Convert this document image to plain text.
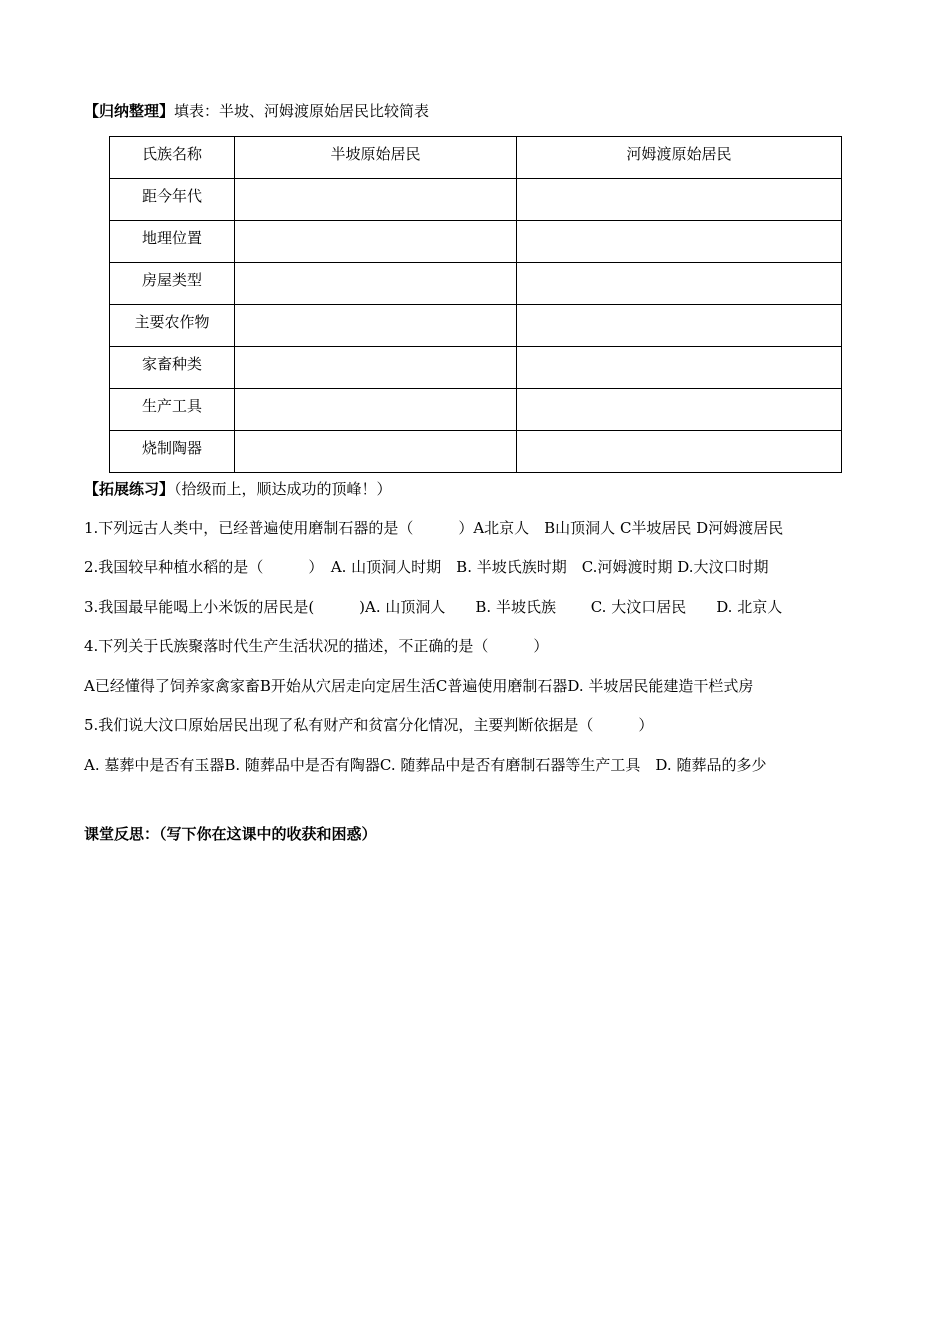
【归纳整理】填表：半坡、河姆渡原始居民比较简表
氏族名称	半坡原始居民	河姆渡原始居民

距今年代		

地理位置		

房屋类型		

主要农作物		

家畜种类		

生产工具		

烧制陶器		

【拓展练习】（拾级而上，顺达成功的顶峰！）
1.下列远古人类中，已经普遍使用磨制石器的是（　　　）A北京人　B山顶洞人 C半坡居民 D河姆渡居民
2.我国较早种植水稻的是（　　　）　A. 山顶洞人时期　B. 半坡氏族时期　C.河姆渡时期 D.大汶口时期
3.我国最早能喝上小米饭的居民是(　　　)A. 山顶洞人　　B. 半坡氏族　　 C. 大汶口居民　　D. 北京人
4.下列关于氏族聚落时代生产生活状况的描述，不正确的是（　　　）
A已经懂得了饲养家禽家畜B开始从穴居走向定居生活C普遍使用磨制石器D. 半坡居民能建造干栏式房
5.我们说大汶口原始居民出现了私有财产和贫富分化情况，主要判断依据是（　　　）
A. 墓葬中是否有玉器B. 随葬品中是否有陶器C. 随葬品中是否有磨制石器等生产工具　D. 随葬品的多少
课堂反思：（写下你在这课中的收获和困惑）
